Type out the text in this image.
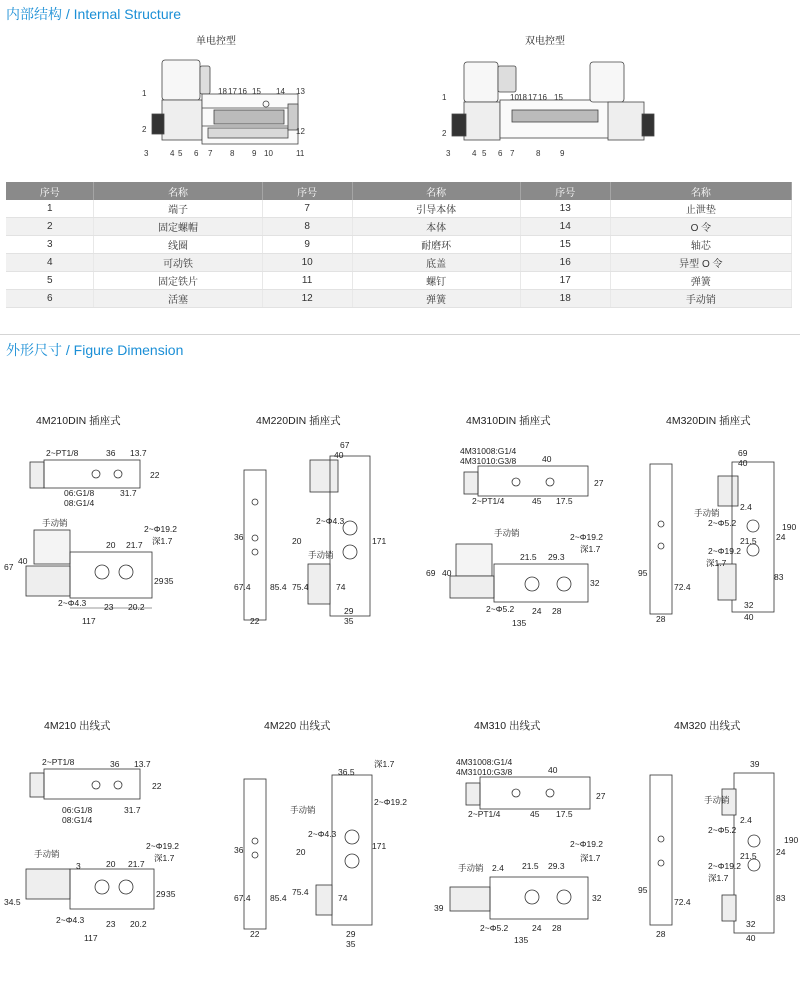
内部结构 / Internal Structure
单电控型	双电控型
1
2
3	4 5 6 7 8 9 10	11
12
13
14
15
16
17
18
1
2
3	4 5 6 7	8 9
10 16
17
18	15
序号	名称	序号	名称	序号	名称
1	端子	7	引导本体	13	止泄垫
2	固定螺帽	8	本体	14	O 令
3	线圈	9	耐磨环	15	轴芯
4	可动铁	10	底盖	16	异型 O 令
5	固定铁片	11	螺钉	17	弹簧
6	活塞	12	弹簧	18	手动销
外形尺寸 / Figure Dimension
4M210DIN 插座式	4M220DIN 插座式	4M310DIN 插座式	4M320DIN 插座式
4M210 出线式	4M220 出线式	4M310 出线式	4M320 出线式
2~PT1/8	36 13.7
22
06:G1/8
08:G1/4
31.7
手动销
67
40
20 21.7
2~Φ19.2
深1.7
29 35
2~Φ4.3 23 20.2
117
67
40
2~Φ4.3
手动销
20
75.4
171
74
29
35
22
36
67.4 85.4
4M31008:G1/4
4M31010:G3/8	40
27
2~PT1/4	45 17.5
手动销
69 40
21.5 29.3
2~Φ19.2
深1.7
32
2~Φ5.2 24 28
135
69
40
手动销
2~Φ5.2
2~Φ19.2
深1.7
2.4
21.5 24
190
95
72.4
83
32
40
28
2~PT1/8	36 13.7
22
06:G1/8
08:G1/4
31.7
手动销
3	20 21.7
2~Φ19.2
深1.7
34.5
29 35
2~Φ4.3	23 20.2
117
36.5
手动销
2~Φ4.3
2~Φ19.2
深1.7
20
75.4
171
74
29
35
22
36
67.4 85.4
4M31008:G1/4
4M31010:G3/8	40
27
2~PT1/4	45 17.5
手动销 2.4 21.5 29.3
2~Φ19.2
深1.7
39
32
2~Φ5.2	24 28
135
39
手动销
2~Φ5.2
2~Φ19.2
深1.7
2.4
21.5 24
190
95
72.4	83
32
40
28
